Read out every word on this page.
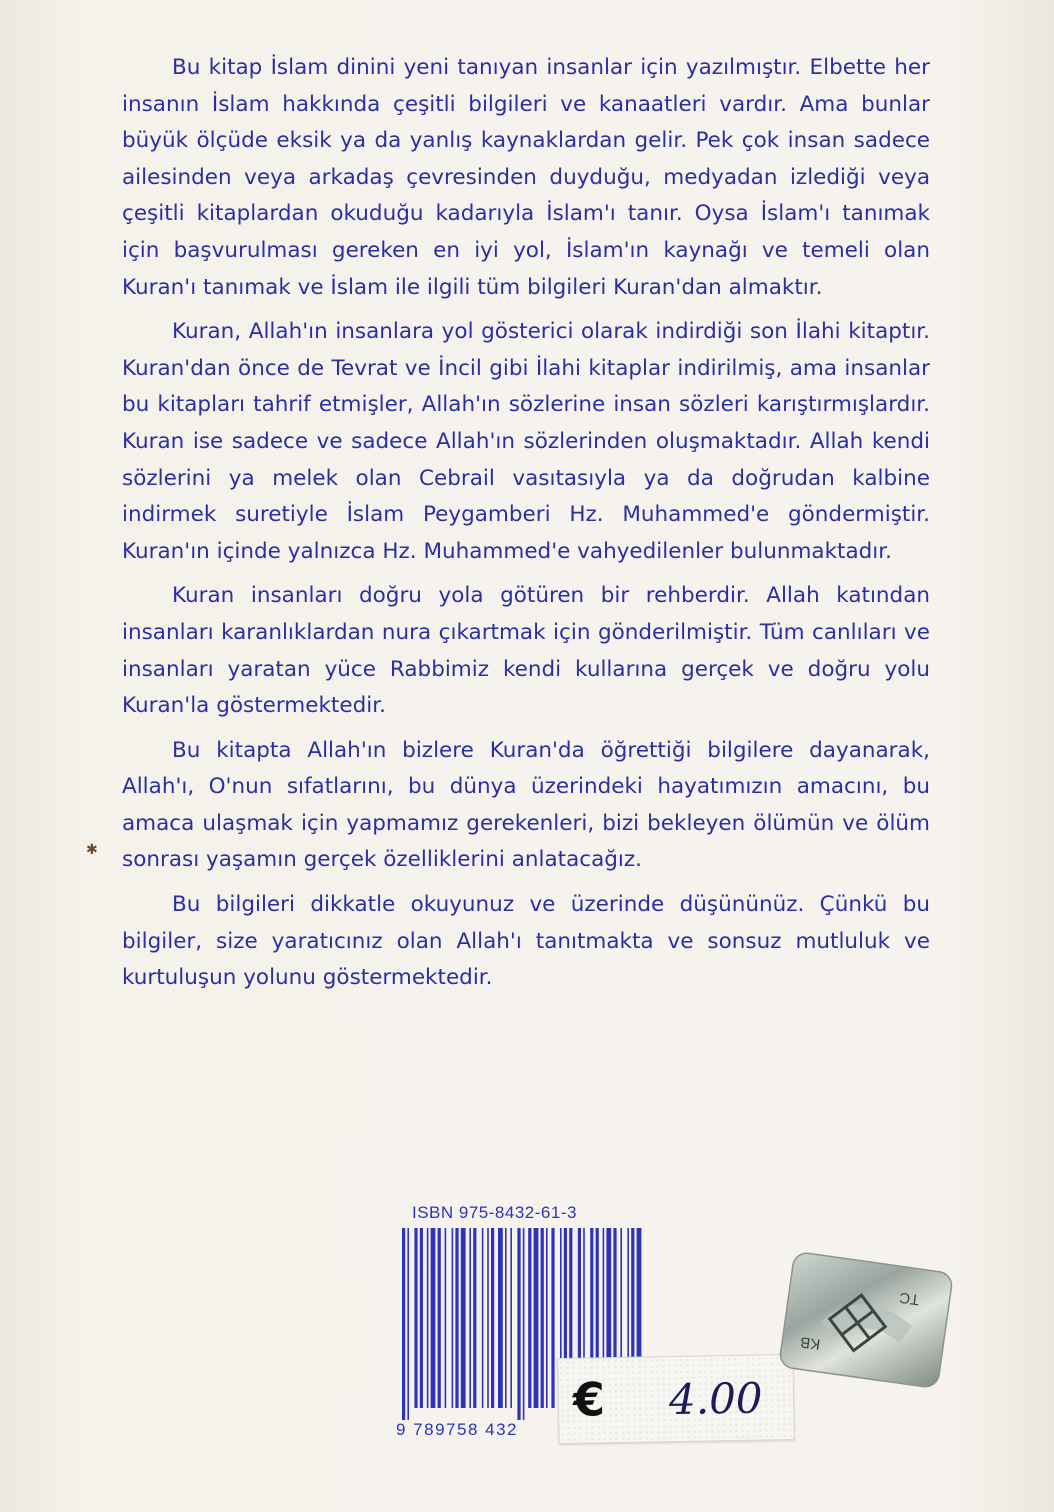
Bu kitap İslam dinini yeni tanıyan insanlar için yazılmıştır. Elbette her insanın İslam hakkında çeşitli bilgileri ve kanaatleri vardır. Ama bunlar büyük ölçüde eksik ya da yanlış kaynaklardan gelir. Pek çok insan sadece ailesinden veya arkadaş çevresinden duyduğu, medyadan izlediği veya çeşitli kitaplardan okuduğu kadarıyla İslam'ı tanır. Oysa İslam'ı tanımak için başvurulması gereken en iyi yol, İslam'ın kaynağı ve temeli olan Kuran'ı tanımak ve İslam ile ilgili tüm bilgileri Kuran'dan almaktır.

Kuran, Allah'ın insanlara yol gösterici olarak indirdiği son İlahi kitaptır. Kuran'dan önce de Tevrat ve İncil gibi İlahi kitaplar indirilmiş, ama insanlar bu kitapları tahrif etmişler, Allah'ın sözlerine insan sözleri karıştırmışlardır. Kuran ise sadece ve sadece Allah'ın sözlerinden oluşmaktadır. Allah kendi sözlerini ya melek olan Cebrail vasıtasıyla ya da doğrudan kalbine indirmek suretiyle İslam Peygamberi Hz. Muhammed'e göndermiştir. Kuran'ın içinde yalnızca Hz. Muhammed'e vahyedilenler bulunmaktadır.

Kuran insanları doğru yola götüren bir rehberdir. Allah katından insanları karanlıklardan nura çıkartmak için gönderilmiştir. Tüm canlıları ve insanları yaratan yüce Rabbimiz kendi kullarına gerçek ve doğru yolu Kuran'la göstermektedir.

Bu kitapta Allah'ın bizlere Kuran'da öğrettiği bilgilere dayanarak, Allah'ı, O'nun sıfatlarını, bu dünya üzerindeki hayatımızın amacını, bu amaca ulaşmak için yapmamız gerekenleri, bizi bekleyen ölümün ve ölüm sonrası yaşamın gerçek özelliklerini anlatacağız.

Bu bilgileri dikkatle okuyunuz ve üzerinde düşününüz. Çünkü bu bilgiler, size yaratıcınız olan Allah'ı tanıtmakta ve sonsuz mutluluk ve kurtuluşun yolunu göstermektedir.

✱
ISBN 975-8432-61-3
9 789758 432
€ 4.00
KB
TC
